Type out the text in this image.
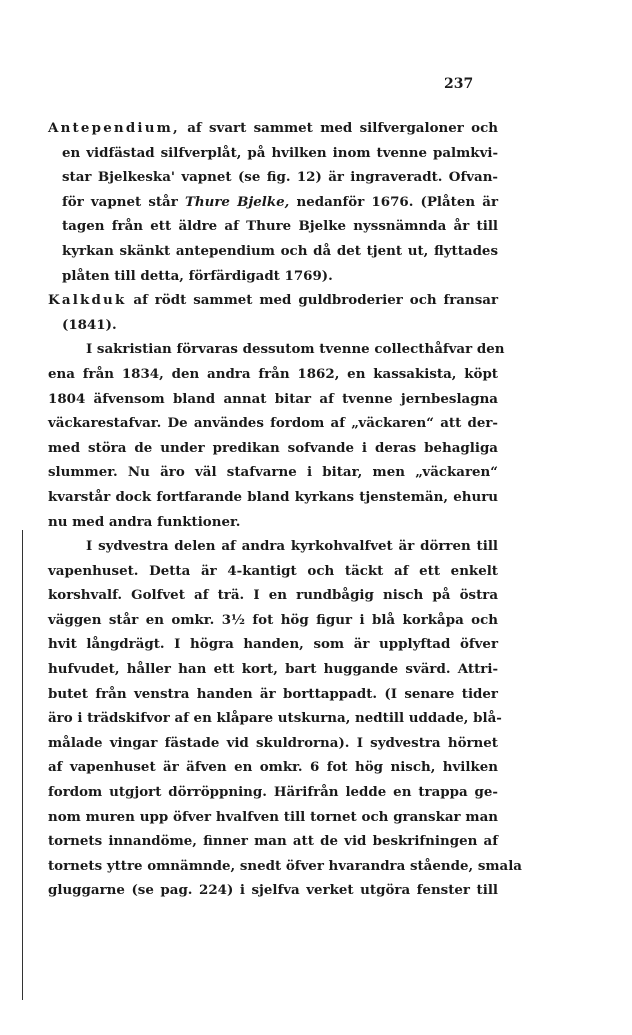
237
Antependium, af svart sammet med silfvergaloner och
en vidfästad silfverplåt, på hvilken inom tvenne palmkvi-
star Bjelkeska' vapnet (se fig. 12) är ingraveradt. Ofvan-
för vapnet står Thure Bjelke, nedanför 1676. (Plåten är
tagen från ett äldre af Thure Bjelke nyssnämnda år till
kyrkan skänkt antependium och då det tjent ut, flyttades
plåten till detta, förfärdigadt 1769).
Kalkduk af rödt sammet med guldbroderier och fransar
(1841).
I sakristian förvaras dessutom tvenne collecthåfvar den
ena från 1834, den andra från 1862, en kassakista, köpt
1804 äfvensom bland annat bitar af tvenne jernbeslagna
väckarestafvar. De användes fordom af „väckaren“ att der-
med störa de under predikan sofvande i deras behagliga
slummer. Nu äro väl stafvarne i bitar, men „väckaren“
kvarstår dock fortfarande bland kyrkans tjenstemän, ehuru
nu med andra funktioner.
I sydvestra delen af andra kyrkohvalfvet är dörren till
vapenhuset. Detta är 4-kantigt och täckt af ett enkelt
korshvalf. Golfvet af trä. I en rundbågig nisch på östra
väggen står en omkr. 3½ fot hög figur i blå korkåpa och
hvit långdrägt. I högra handen, som är upplyftad öfver
hufvudet, håller han ett kort, bart huggande svärd. Attri-
butet från venstra handen är borttappadt. (I senare tider
äro i trädskifvor af en klåpare utskurna, nedtill uddade, blå-
målade vingar fästade vid skuldrorna). I sydvestra hörnet
af vapenhuset är äfven en omkr. 6 fot hög nisch, hvilken
fordom utgjort dörröppning. Härifrån ledde en trappa ge-
nom muren upp öfver hvalfven till tornet och granskar man
tornets innandöme, finner man att de vid beskrifningen af
tornets yttre omnämnde, snedt öfver hvarandra stående, smala
gluggarne (se pag. 224) i sjelfva verket utgöra fenster till
